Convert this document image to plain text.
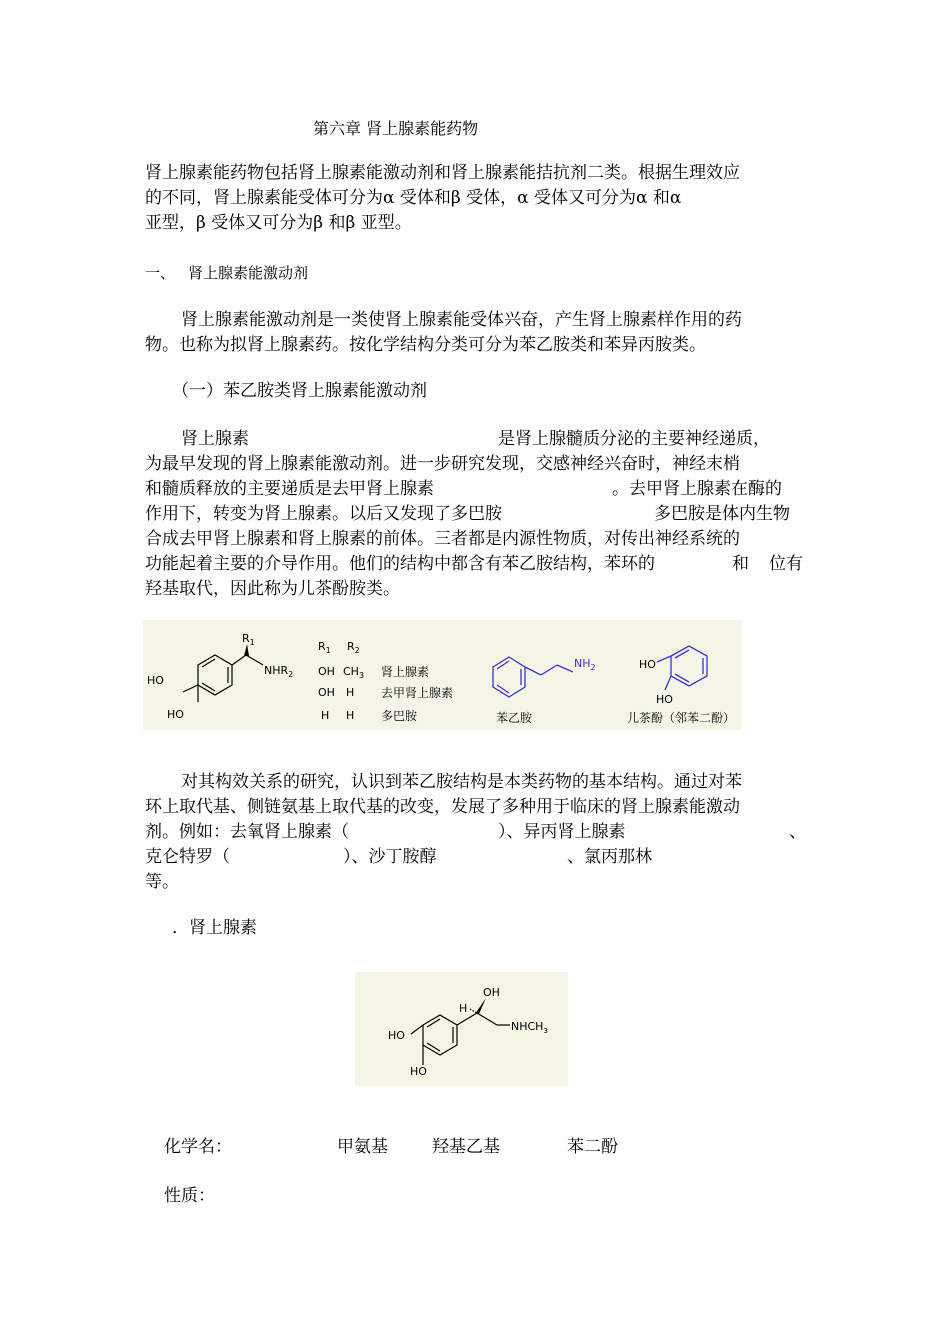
第六章 肾上腺素能药物
肾上腺素能药物包括肾上腺素能激动剂和肾上腺素能拮抗剂二类。根据生理效应
的不同，肾上腺素能受体可分为α 受体和β 受体，α 受体又可分为α 和α
亚型，β 受体又可分为β 和β 亚型。
一、 肾上腺素能激动剂
肾上腺素能激动剂是一类使肾上腺素能受体兴奋，产生肾上腺素样作用的药
物。也称为拟肾上腺素药。按化学结构分类可分为苯乙胺类和苯异丙胺类。
（一）苯乙胺类肾上腺素能激动剂
肾上腺素	是肾上腺髓质分泌的主要神经递质，
为最早发现的肾上腺素能激动剂。进一步研究发现，交感神经兴奋时，神经末梢
和髓质释放的主要递质是去甲肾上腺素	。去甲肾上腺素在酶的
作用下，转变为肾上腺素。以后又发现了多巴胺	多巴胺是体内生物
合成去甲肾上腺素和肾上腺素的前体。三者都是内源性物质，对传出神经系统的
功能起着主要的介导作用。他们的结构中都含有苯乙胺结构，苯环的	和 位有
羟基取代，因此称为儿茶酚胺类。
$R_1$
$NHR_2$
HO
HO
$R_1$ $R_2$
OH $CH_3$ 肾上腺素
OH H 去甲肾上腺素
H H 多巴胺
$NH_2$
苯乙胺
HO
HO
儿茶酚（邻苯二酚）
对其构效关系的研究，认识到苯乙胺结构是本类药物的基本结构。通过对苯
环上取代基、侧链氨基上取代基的改变，发展了多种用于临床的肾上腺素能激动
剂。例如：去氧肾上腺素（	）、异丙肾上腺素	、
克仑特罗（	）、沙丁胺醇	、氯丙那林
等。
．肾上腺素
H
OH
$NHCH_3$
HO
HO
化学名：	甲氨基	羟基乙基	苯二酚
性质：
